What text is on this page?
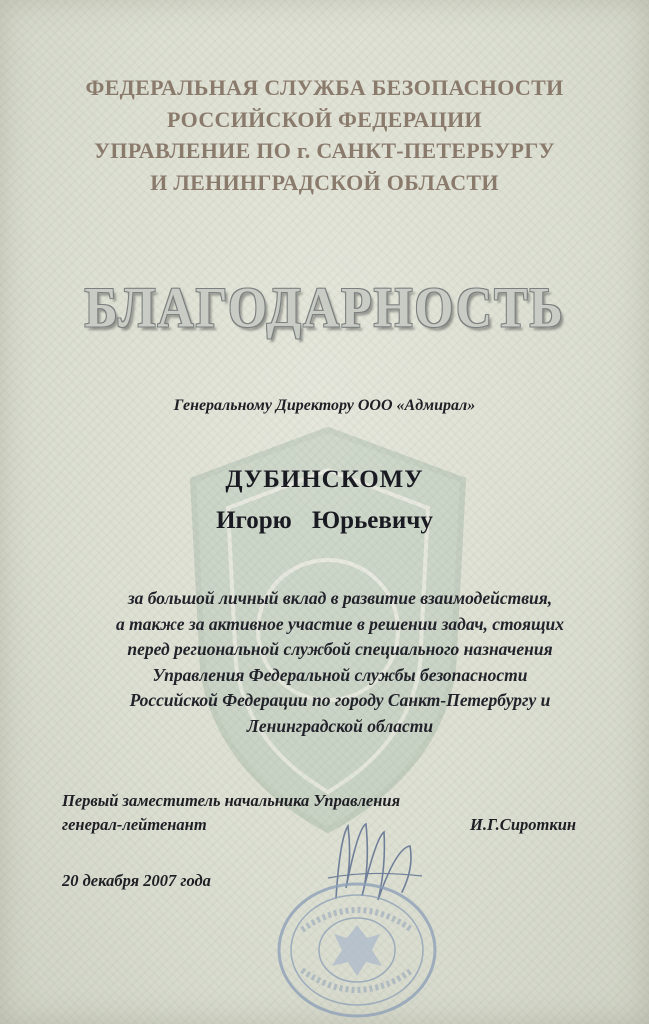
ФЕДЕРАЛЬНАЯ СЛУЖБА БЕЗОПАСНОСТИ
РОССИЙСКОЙ ФЕДЕРАЦИИ
УПРАВЛЕНИЕ ПО г. САНКТ-ПЕТЕРБУРГУ
И ЛЕНИНГРАДСКОЙ ОБЛАСТИ
БЛАГОДАРНОСТЬ
Генеральному Директору ООО «Адмирал»
ДУБИНСКОМУ
Игорю Юрьевичу
за большой личный вклад в развитие взаимодействия,
а также за активное участие в решении задач, стоящих
перед региональной службой специального назначения
Управления Федеральной службы безопасности
Российской Федерации по городу Санкт-Петербургу и
Ленинградской области
Первый заместитель начальника Управления
генерал-лейтенант	И.Г.Сироткин
20 декабря 2007 года
